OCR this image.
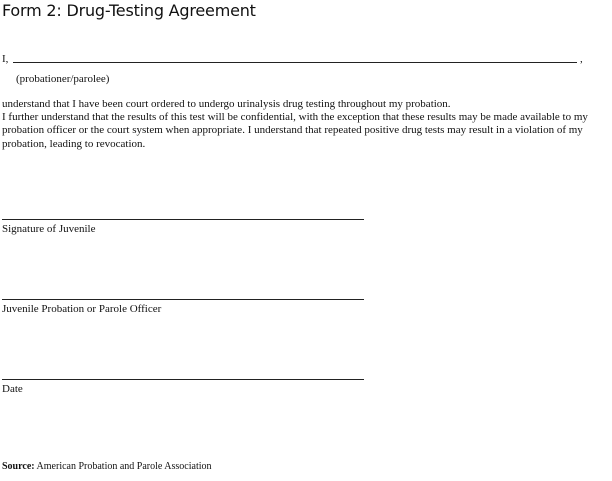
Form 2: Drug-Testing Agreement
I,	,
(probationer/parolee)

understand that I have been court ordered to undergo urinalysis drug testing throughout my probation.

I further understand that the results of this test will be confidential, with the exception that these results may be made available to my probation officer or the court system when appropriate. I understand that repeated positive drug tests may result in a violation of my probation, leading to revocation.

Signature of Juvenile
Juvenile Probation or Parole Officer
Date
Source: American Probation and Parole Association
